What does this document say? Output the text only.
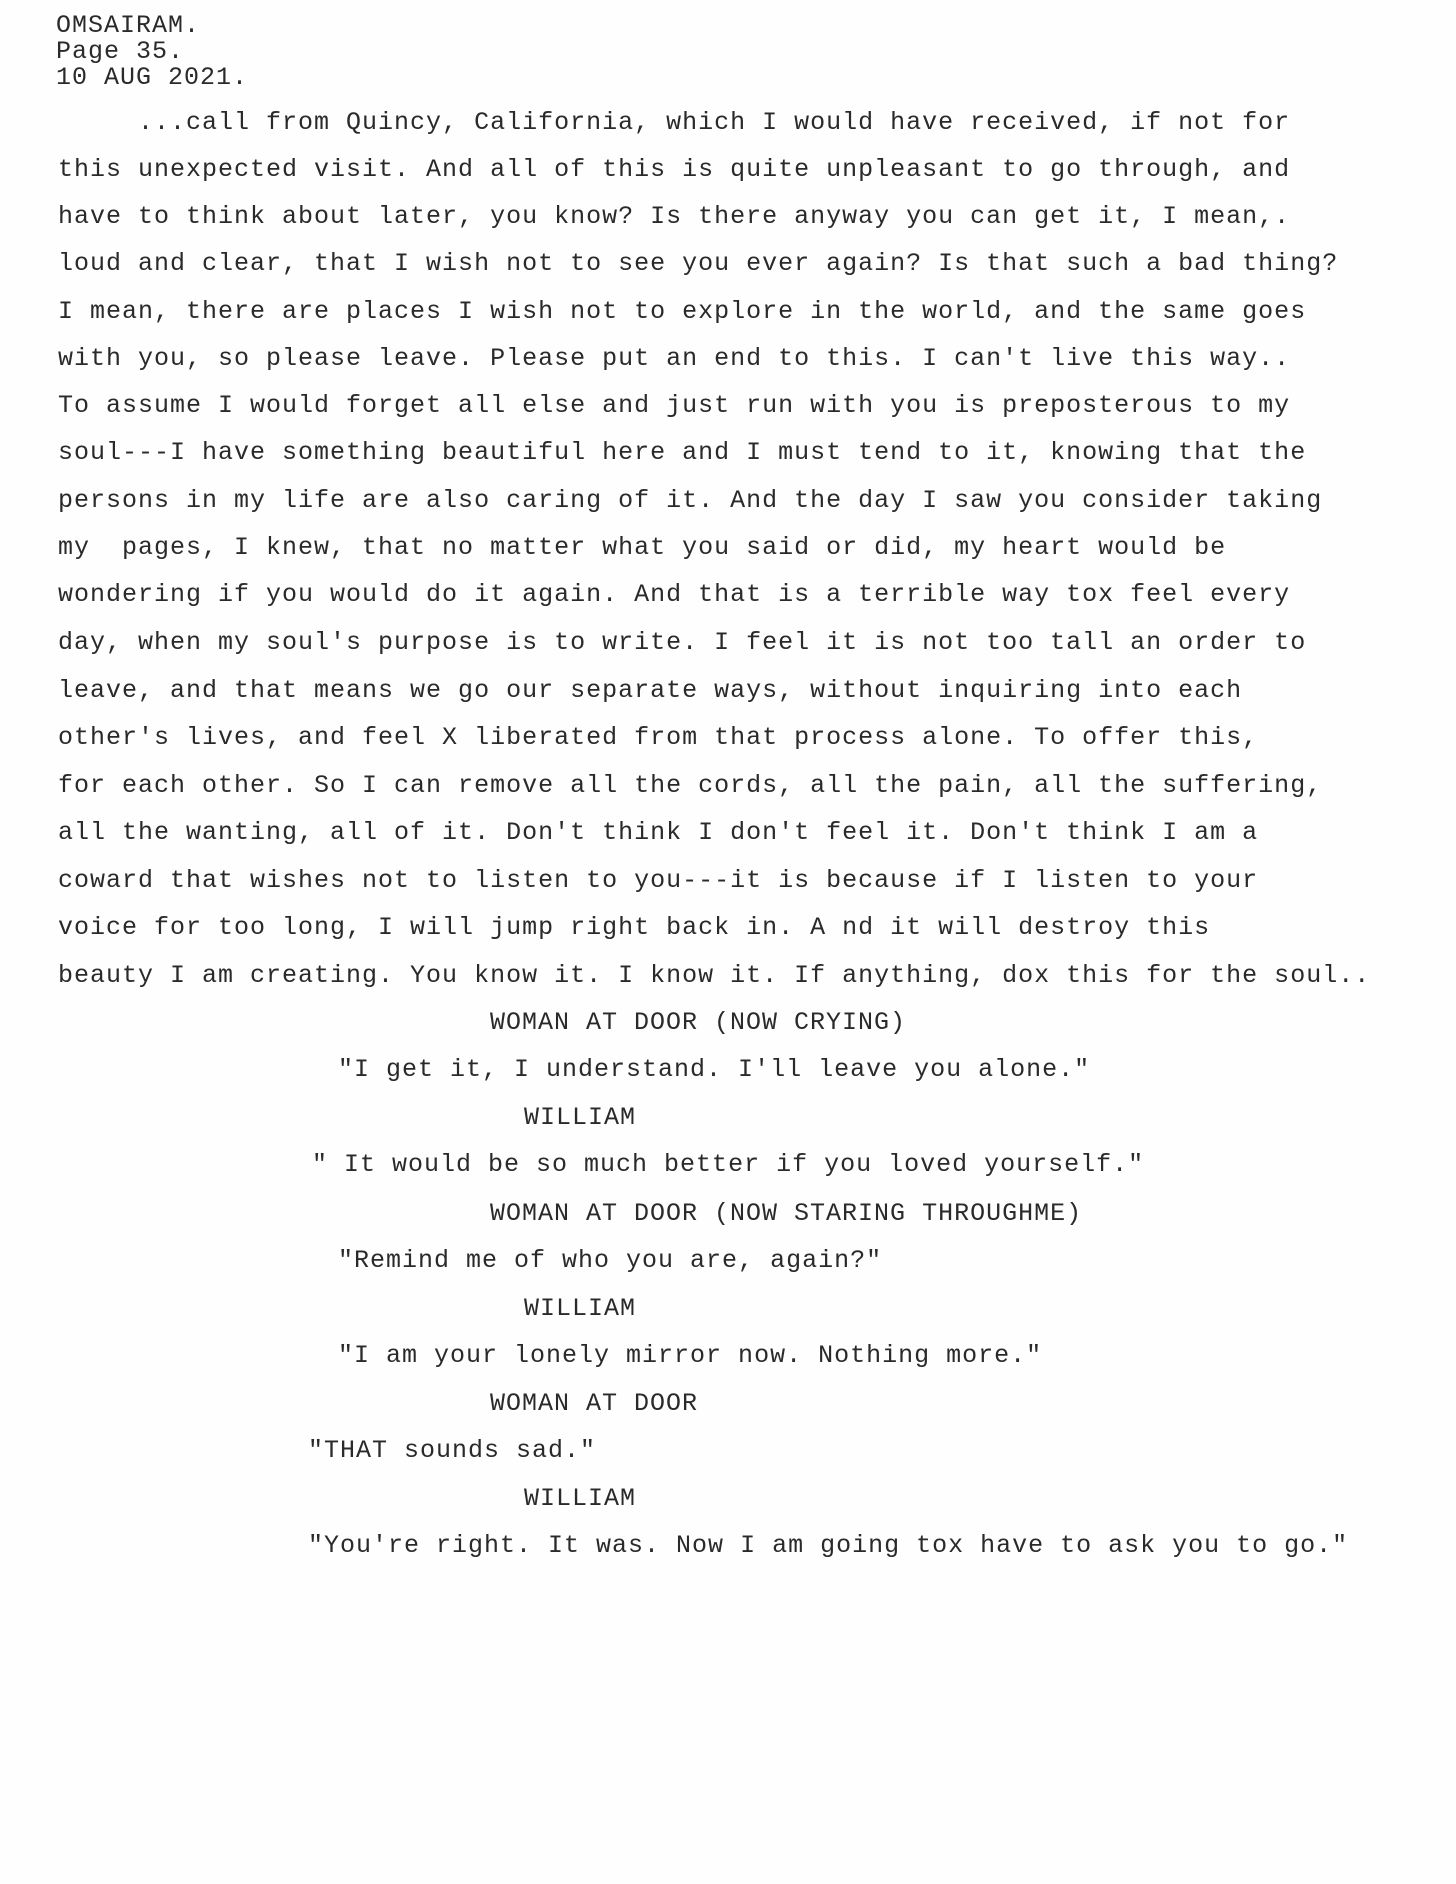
OMSAIRAM.
Page 35.
10 AUG 2021.
...call from Quincy, California, which I would have received, if not for
this unexpected visit. And all of this is quite unpleasant to go through, and
have to think about later, you know? Is there anyway you can get it, I mean,.
loud and clear, that I wish not to see you ever again? Is that such a bad thing?
I mean, there are places I wish not to explore in the world, and the same goes
with you, so please leave. Please put an end to this. I can't live this way..
To assume I would forget all else and just run with you is preposterous to my
soul---I have something beautiful here and I must tend to it, knowing that the
persons in my life are also caring of it. And the day I saw you consider taking
my  pages, I knew, that no matter what you said or did, my heart would be
wondering if you would do it again. And that is a terrible way tox feel every
day, when my soul's purpose is to write. I feel it is not too tall an order to
leave, and that means we go our separate ways, without inquiring into each
other's lives, and feel X liberated from that process alone. To offer this,
for each other. So I can remove all the cords, all the pain, all the suffering,
all the wanting, all of it. Don't think I don't feel it. Don't think I am a
coward that wishes not to listen to you---it is because if I listen to your
voice for too long, I will jump right back in. A nd it will destroy this
beauty I am creating. You know it. I know it. If anything, dox this for the soul..
WOMAN AT DOOR (NOW CRYING)
"I get it, I understand. I'll leave you alone."
WILLIAM
" It would be so much better if you loved yourself."
WOMAN AT DOOR (NOW STARING THROUGHME)
"Remind me of who you are, again?"
WILLIAM
"I am your lonely mirror now. Nothing more."
WOMAN AT DOOR
"THAT sounds sad."
WILLIAM
"You're right. It was. Now I am going tox have to ask you to go."
